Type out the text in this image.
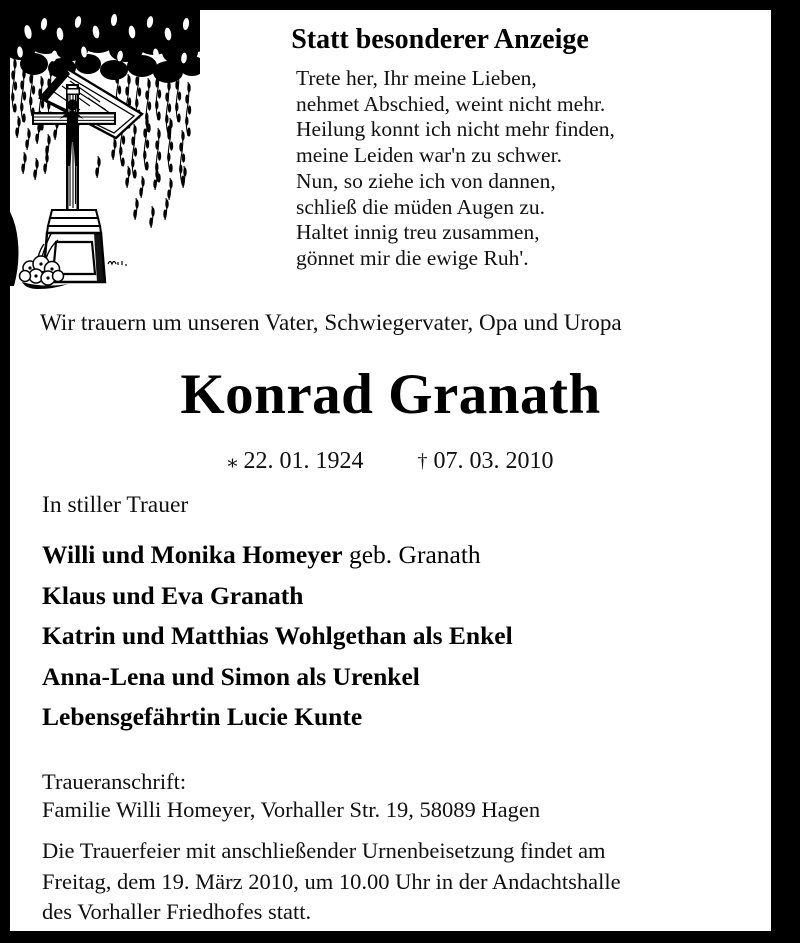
Statt besonderer Anzeige
Trete her, Ihr meine Lieben,
nehmet Abschied, weint nicht mehr.
Heilung konnt ich nicht mehr finden,
meine Leiden war'n zu schwer.
Nun, so ziehe ich von dannen,
schließ die müden Augen zu.
Haltet innig treu zusammen,
gönnet mir die ewige Ruh'.
Wir trauern um unseren Vater, Schwiegervater, Opa und Uropa
Konrad Granath
⁎ 22. 01. 1924	† 07. 03. 2010
In stiller Trauer
Willi und Monika Homeyer geb. Granath
Klaus und Eva Granath
Katrin und Matthias Wohlgethan als Enkel
Anna-Lena und Simon als Urenkel
Lebensgefährtin Lucie Kunte
Traueranschrift:
Familie Willi Homeyer, Vorhaller Str. 19, 58089 Hagen
Die Trauerfeier mit anschließender Urnenbeisetzung findet am
Freitag, dem 19. März 2010, um 10.00 Uhr in der Andachtshalle
des Vorhaller Friedhofes statt.
